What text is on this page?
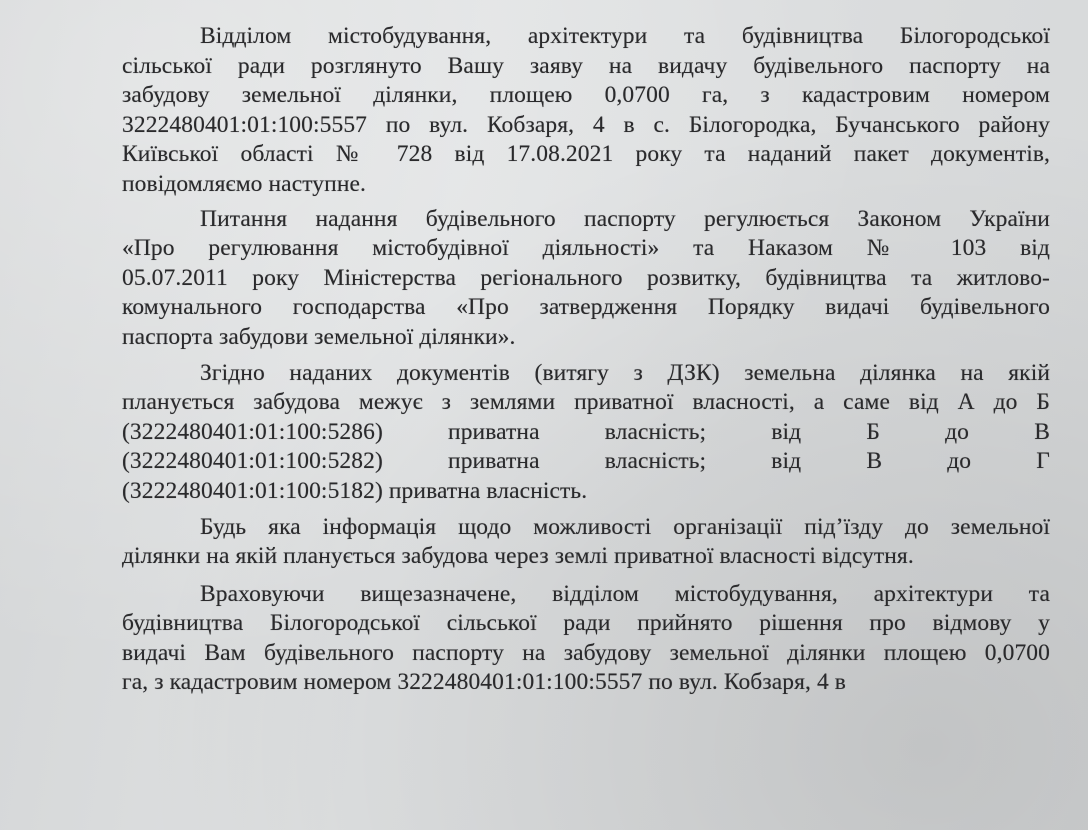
Відділом містобудування, архітектури та будівництва Білогородської
сільської ради розглянуто Вашу заяву на видачу будівельного паспорту на
забудову земельної ділянки, площею 0,0700 га, з кадастровим номером
3222480401:01:100:5557 по вул. Кобзаря, 4 в с. Білогородка, Бучанського району
Київської області № 728 від 17.08.2021 року та наданий пакет документів,
повідомляємо наступне.
Питання надання будівельного паспорту регулюється Законом України
«Про регулювання містобудівної діяльності» та Наказом № 103 від
05.07.2011 року Міністерства регіонального розвитку, будівництва та житлово-
комунального господарства «Про затвердження Порядку видачі будівельного
паспорта забудови земельної ділянки».
Згідно наданих документів (витягу з ДЗК) земельна ділянка на якій
планується забудова межує з землями приватної власності, а саме від А до Б
(3222480401:01:100:5286)	приватна	власність;	від	Б	до	В
(3222480401:01:100:5282)	приватна	власність;	від	В	до	Г
(3222480401:01:100:5182) приватна власність.
Будь яка інформація щодо можливості організації під’їзду до земельної
ділянки на якій планується забудова через землі приватної власності відсутня.
Враховуючи вищезазначене, відділом містобудування, архітектури та
будівництва Білогородської сільської ради прийнято рішення про відмову у
видачі Вам будівельного паспорту на забудову земельної ділянки площею 0,0700
га, з кадастровим номером 3222480401:01:100:5557 по вул. Кобзаря, 4 в
